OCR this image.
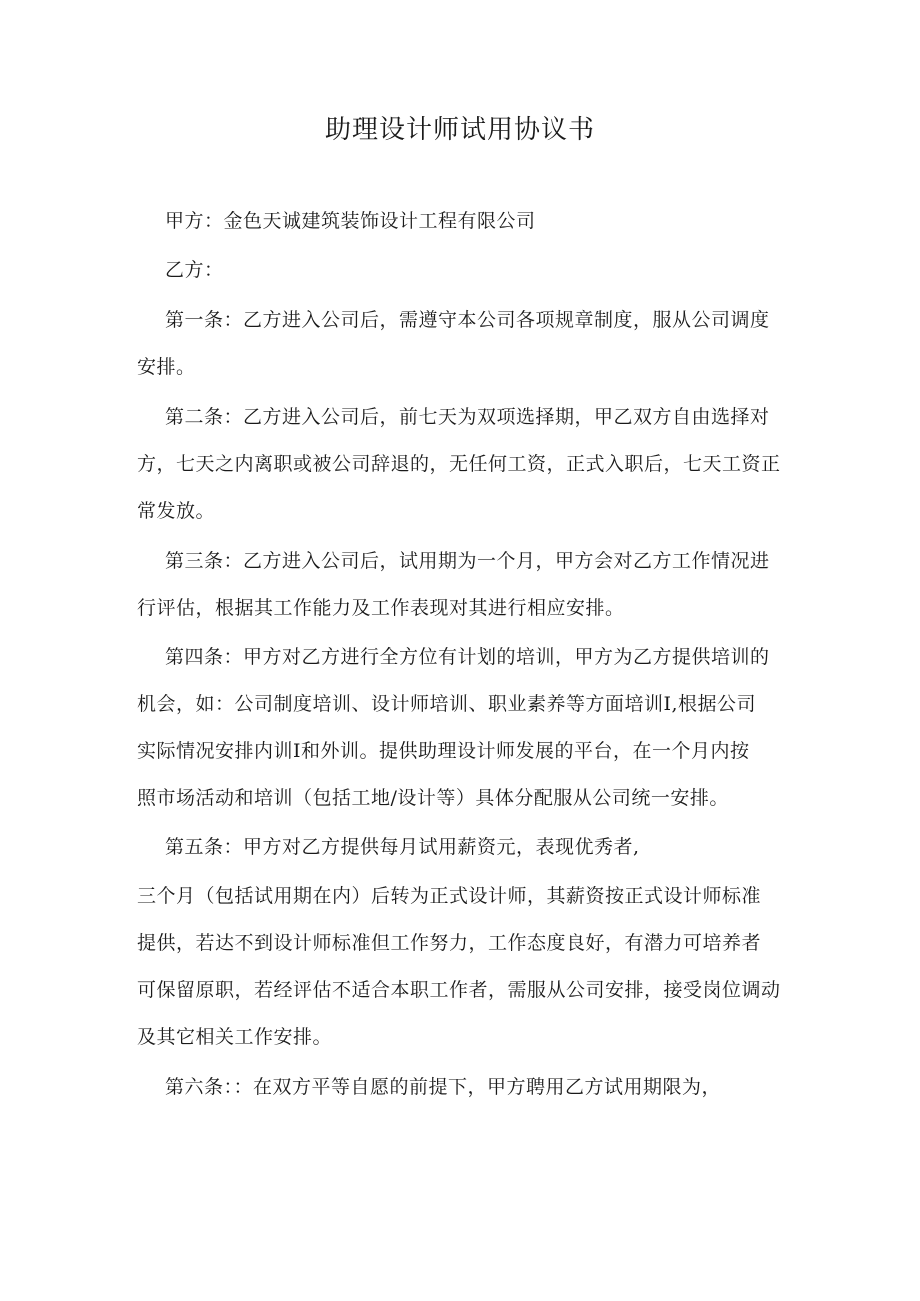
助理设计师试用协议书
甲方：金色天诚建筑装饰设计工程有限公司
乙方：
第一条：乙方进入公司后，需遵守本公司各项规章制度，服从公司调度
安排。
第二条：乙方进入公司后，前七天为双项选择期，甲乙双方自由选择对
方，七天之内离职或被公司辞退的，无任何工资，正式入职后，七天工资正
常发放。
第三条：乙方进入公司后，试用期为一个月，甲方会对乙方工作情况进
行评估，根据其工作能力及工作表现对其进行相应安排。
第四条：甲方对乙方进行全方位有计划的培训，甲方为乙方提供培训的
机会，如：公司制度培训、设计师培训、职业素养等方面培训Ⅰ,根据公司
实际情况安排内训Ⅰ和外训。提供助理设计师发展的平台，在一个月内按
照市场活动和培训（包括工地/设计等）具体分配服从公司统一安排。
第五条：甲方对乙方提供每月试用薪资元，表现优秀者,
三个月（包括试用期在内）后转为正式设计师，其薪资按正式设计师标准
提供，若达不到设计师标准但工作努力，工作态度良好，有潜力可培养者
可保留原职，若经评估不适合本职工作者，需服从公司安排，接受岗位调动
及其它相关工作安排。
第六条：：在双方平等自愿的前提下，甲方聘用乙方试用期限为，
